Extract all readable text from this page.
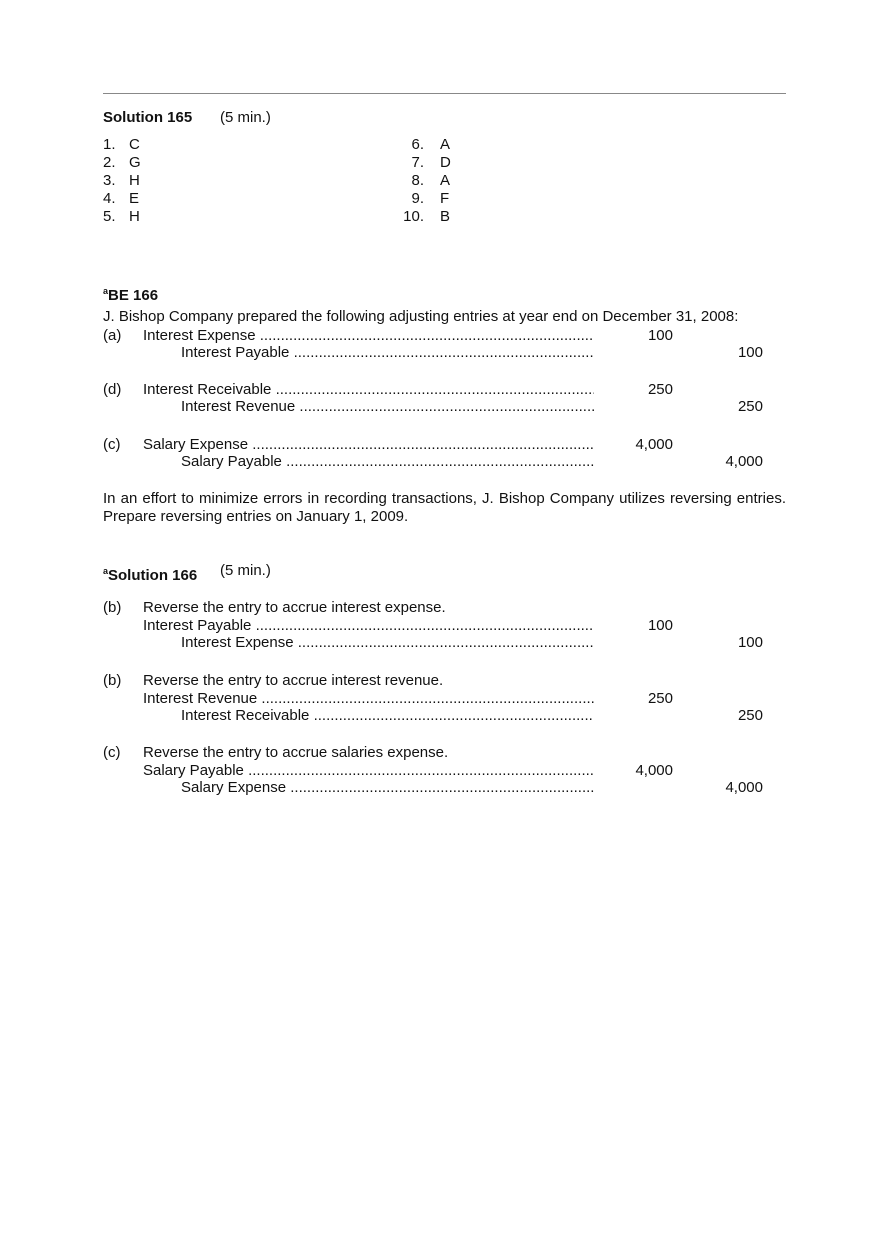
Solution 165 (5 min.)
$^a$BE 166
J. Bishop Company prepared the following adjusting entries at year end on December 31, 2008:
In an effort to minimize errors in recording transactions, J. Bishop Company utilizes reversing entries. Prepare reversing entries on January 1, 2009.
$^a$Solution 166 (5 min.)
1. C	6. A
2. G	7. D
3. H	8. A
4. E	9. F
5. H	10. B
(a) Interest Expense .....	100
Interest Payable .....	100
(d) Interest Receivable .....	250
Interest Revenue .....	250
(c) Salary Expense .....	4,000
Salary Payable .....	4,000
(b) Reverse the entry to accrue interest expense.
Interest Payable .....	100
Interest Expense .....	100
(b) Reverse the entry to accrue interest revenue.
Interest Revenue .....	250
Interest Receivable .....	250
(c) Reverse the entry to accrue salaries expense.
Salary Payable .....	4,000
Salary Expense .....	4,000
